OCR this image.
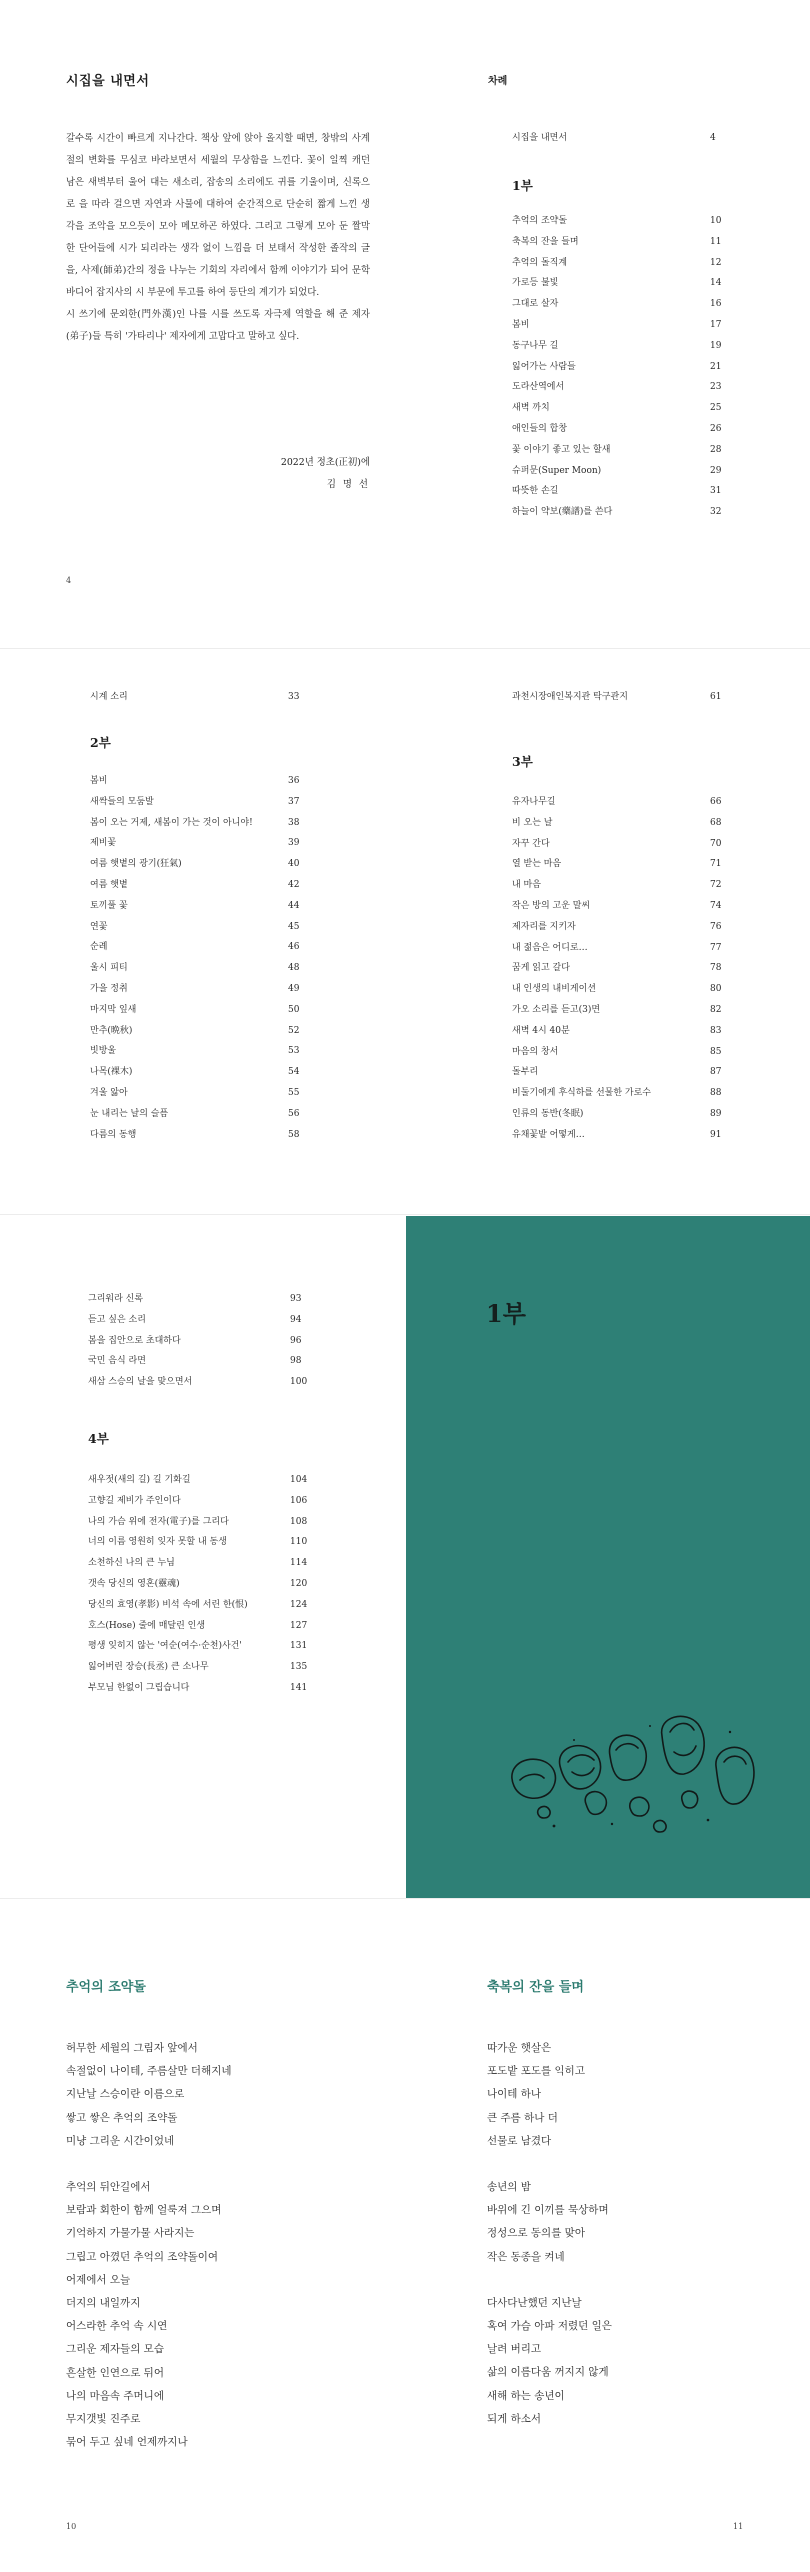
시집을 내면서
갈수록 시간이 빠르게 지나간다. 책상 앞에 앉아 올지할 때면, 창밖의 사계절의 변화를 무심코 바라보면서 세월의 무상함을 느낀다. 꽃이 일찍 캐던 남은 새벽부터 울어 대는 새소리, 잡송의 소리에도 귀를 기울이며, 신록으로 을 따라 걸으면 자연과 사물에 대하여 순간적으로 단순히 짧게 느낀 생각을 조악을 모으듯이 모아 메모하곤 하였다. 그리고 그렇게 모아 둔 짤막한 단어들에 시가 되리라는 생각 없이 느낌을 더 보태서 작성한 졸작의 글을, 사제(師弟)간의 정을 나누는 기회의 자리에서 함께 이야기가 되어 문학바디어 잡지사의 시 부문에 투고를 하여 등단의 계기가 되었다.
시 쓰기에 문외한(門外漢)인 나를 시를 쓰도록 자극제 역할을 해 준 제자(弟子)들 특히 '가타리나' 제자에게 고맙다고 말하고 싶다.
2022년 정초(正初)에
김 명 선
4
차례
시집을 내면서	4
1부
추억의 조약돌	10
축복의 잔을 들며	11
추억의 돌직계	12
가로등 불빛	14
그대로 살자	16
봄비	17
동구나무 길	19
잃어가는 사람들	21
도라산역에서	23
새벽 까치	25
애인들의 합창	26
꽃 이야기 좋고 있는 할새	28
슈퍼문(Super Moon)	29
따뜻한 손길	31
하늘이 약보(藥譜)를 쓴다	32
시계 소리	33
2부
봄비	36
새싹들의 모둠발	37
봄이 오는 거제, 새봄이 가는 것이 아니야!	38
제비꽃	39
여름 햇볕의 광기(狂氣)	40
여름 햇볕	42
토끼풀 꽃	44
연꽃	45
순례	46
울시 피티	48
가을 정취	49
마지막 잎새	50
만추(晩秋)	52
빗방울	53
나목(裸木)	54
겨울 앓아	55
눈 내리는 날의 슬픔	56
다름의 동행	58
과천시장애인복지관 탁구관지	61
3부
유자나무길	66
비 오는 날	68
자꾸 간다	70
열 받는 마음	71
내 마음	72
작은 방의 고운 말씨	74
제자리를 지키자	76
내 젊음은 어디로…	77
꿈게 읽고 갈다	78
내 인생의 내비게이션	80
가오 소리를 듣고(3)면	82
새벽 4시 40분	83
마음의 창서	85
돌부리	87
비둘기에게 후식하를 선물한 가로수	88
인류의 동반(冬眠)	89
유채꽃밭 어떻게…	91
그리워라 신록	93
듣고 싶은 소리	94
봄을 집안으로 초대하다	96
국민 음식 라면	98
새삼 스승의 날을 맞으면서	100
4부
새우젓(새의 길) 길 기화길	104
고향길 제비가 주인이다	106
나의 가슴 위에 전자(電子)를 그리다	108
너의 이름 영원히 잊자 못할 내 동생	110
소천하신 나의 큰 누님	114
갯속 당신의 영혼(靈魂)	120
당신의 효영(孝影) 비석 속에 서린 한(恨)	124
호스(Hose) 줄에 매달린 인생	127
평생 잊히지 않는 '여순(여수·순천)사건'	131
잃어버린 장승(長丞) 큰 소나무	135
부모님 한없이 그립습니다	141
1부
추억의 조약돌
허무한 세월의 그림자 앞에서
속절없이 나이테, 주름살만 더해지네
지난날 스승이란 이름으로
쌓고 쌓은 추억의 조약돌
미냥 그리운 시간이었네
추억의 뒤안길에서
보람과 회한이 함께 얼룩져 그으며
기억하지 가물가물 사라지는
그립고 아꼈던 추억의 조약돌이여
어제에서 오늘
더지의 내일까지
어스라한 추억 속 시연
그리운 제자들의 모습
흔살한 인연으로 뒤어
나의 마음속 주머니에
무지갯빛 진주로
묶어 두고 싶네 언제까지나
10
축복의 잔을 들며
따가운 햇살은
포도밭 포도를 익히고
나이테 하나
큰 주름 하나 더
선물로 남겼다
송년의 밤
바위에 긴 이끼를 묵상하며
정성으로 동의를 맞아
작은 동종을 켜네
다사다난했던 지난날
혹여 가슴 아파 저렸던 일은
날려 버리고
삶의 이름다움 꺼지지 않게
새해 하는 송년이
되게 하소서
11
